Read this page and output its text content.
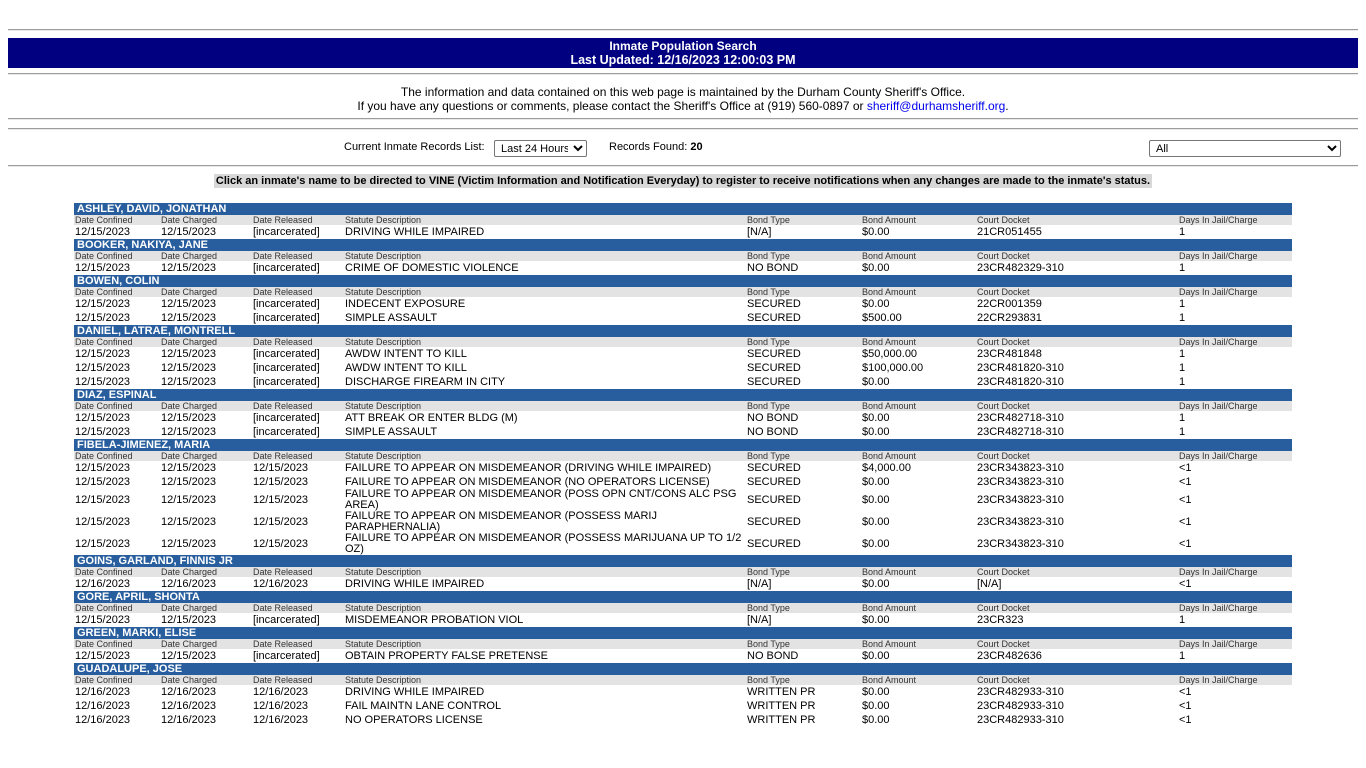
Inmate Population Search
Last Updated: 12/16/2023 12:00:03 PM
The information and data contained on this web page is maintained by the Durham County Sheriff's Office.
If you have any questions or comments, please contact the Sheriff's Office at (919) 560-0897 or sheriff@durhamsheriff.org.
Current Inmate Records List:
Last 24 Hours	Records Found: 20
All
Click an inmate's name to be directed to VINE (Victim Information and Notification Everyday) to register to receive notifications when any changes are made to the inmate's status.
ASHLEY, DAVID, JONATHAN							
Date Confined	Date Charged	Date Released	Statute Description	Bond Type	Bond Amount	Court Docket	Days In Jail/Charge
12/15/2023	12/15/2023	[incarcerated]	DRIVING WHILE IMPAIRED	[N/A]	$0.00	21CR051455	1
BOOKER, NAKIYA, JANE							
Date Confined	Date Charged	Date Released	Statute Description	Bond Type	Bond Amount	Court Docket	Days In Jail/Charge
12/15/2023	12/15/2023	[incarcerated]	CRIME OF DOMESTIC VIOLENCE	NO BOND	$0.00	23CR482329-310	1
BOWEN, COLIN							
Date Confined	Date Charged	Date Released	Statute Description	Bond Type	Bond Amount	Court Docket	Days In Jail/Charge
12/15/2023	12/15/2023	[incarcerated]	INDECENT EXPOSURE	SECURED	$0.00	22CR001359	1
12/15/2023	12/15/2023	[incarcerated]	SIMPLE ASSAULT	SECURED	$500.00	22CR293831	1
DANIEL, LATRAE, MONTRELL							
Date Confined	Date Charged	Date Released	Statute Description	Bond Type	Bond Amount	Court Docket	Days In Jail/Charge
12/15/2023	12/15/2023	[incarcerated]	AWDW INTENT TO KILL	SECURED	$50,000.00	23CR481848	1
12/15/2023	12/15/2023	[incarcerated]	AWDW INTENT TO KILL	SECURED	$100,000.00	23CR481820-310	1
12/15/2023	12/15/2023	[incarcerated]	DISCHARGE FIREARM IN CITY	SECURED	$0.00	23CR481820-310	1
DIAZ, ESPINAL							
Date Confined	Date Charged	Date Released	Statute Description	Bond Type	Bond Amount	Court Docket	Days In Jail/Charge
12/15/2023	12/15/2023	[incarcerated]	ATT BREAK OR ENTER BLDG (M)	NO BOND	$0.00	23CR482718-310	1
12/15/2023	12/15/2023	[incarcerated]	SIMPLE ASSAULT	NO BOND	$0.00	23CR482718-310	1
FIBELA-JIMENEZ, MARIA							
Date Confined	Date Charged	Date Released	Statute Description	Bond Type	Bond Amount	Court Docket	Days In Jail/Charge
12/15/2023	12/15/2023	12/15/2023	FAILURE TO APPEAR ON MISDEMEANOR (DRIVING WHILE IMPAIRED)	SECURED	$4,000.00	23CR343823-310	<1
12/15/2023	12/15/2023	12/15/2023	FAILURE TO APPEAR ON MISDEMEANOR (NO OPERATORS LICENSE)	SECURED	$0.00	23CR343823-310	<1
12/15/2023	12/15/2023	12/15/2023	FAILURE TO APPEAR ON MISDEMEANOR (POSS OPN CNT/CONS ALC PSG AREA)	SECURED	$0.00	23CR343823-310	<1
12/15/2023	12/15/2023	12/15/2023	FAILURE TO APPEAR ON MISDEMEANOR (POSSESS MARIJ PARAPHERNALIA)	SECURED	$0.00	23CR343823-310	<1
12/15/2023	12/15/2023	12/15/2023	FAILURE TO APPEAR ON MISDEMEANOR (POSSESS MARIJUANA UP TO 1/2 OZ)	SECURED	$0.00	23CR343823-310	<1
GOINS, GARLAND, FINNIS JR							
Date Confined	Date Charged	Date Released	Statute Description	Bond Type	Bond Amount	Court Docket	Days In Jail/Charge
12/16/2023	12/16/2023	12/16/2023	DRIVING WHILE IMPAIRED	[N/A]	$0.00	[N/A]	<1
GORE, APRIL, SHONTA							
Date Confined	Date Charged	Date Released	Statute Description	Bond Type	Bond Amount	Court Docket	Days In Jail/Charge
12/15/2023	12/15/2023	[incarcerated]	MISDEMEANOR PROBATION VIOL	[N/A]	$0.00	23CR323	1
GREEN, MARKI, ELISE							
Date Confined	Date Charged	Date Released	Statute Description	Bond Type	Bond Amount	Court Docket	Days In Jail/Charge
12/15/2023	12/15/2023	[incarcerated]	OBTAIN PROPERTY FALSE PRETENSE	NO BOND	$0.00	23CR482636	1
GUADALUPE, JOSE							
Date Confined	Date Charged	Date Released	Statute Description	Bond Type	Bond Amount	Court Docket	Days In Jail/Charge
12/16/2023	12/16/2023	12/16/2023	DRIVING WHILE IMPAIRED	WRITTEN PR	$0.00	23CR482933-310	<1
12/16/2023	12/16/2023	12/16/2023	FAIL MAINTN LANE CONTROL	WRITTEN PR	$0.00	23CR482933-310	<1
12/16/2023	12/16/2023	12/16/2023	NO OPERATORS LICENSE	WRITTEN PR	$0.00	23CR482933-310	<1
